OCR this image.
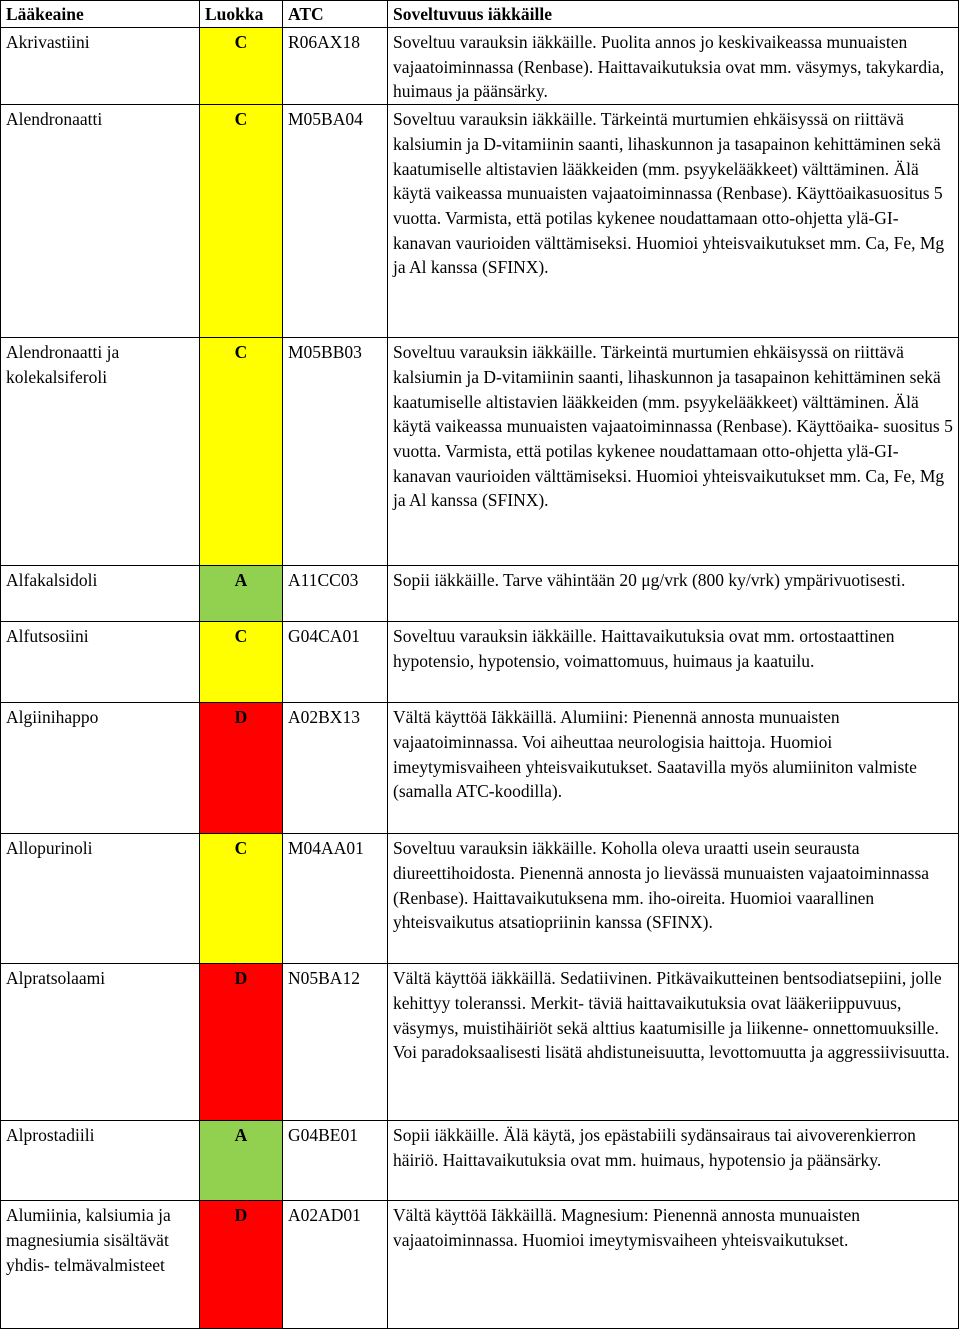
Lääkeaine	Luokka	ATC	Soveltuvuus iäkkäille
Akrivastiini	C	R06AX18	Soveltuu varauksin iäkkäille. Puolita annos jo keskivaikeassa munuaisten vajaatoiminnassa (Renbase). Haittavaikutuksia ovat mm. väsymys, takykardia, huimaus ja päänsärky.
Alendronaatti	C	M05BA04	Soveltuu varauksin iäkkäille. Tärkeintä murtumien ehkäisyssä on riittävä kalsiumin ja D-vitamiinin saanti, lihaskunnon ja tasapainon kehittäminen sekä kaatumiselle altistavien lääkkeiden (mm. psyykelääkkeet) välttäminen. Älä käytä vaikeassa munuaisten vajaatoiminnassa (Renbase). Käyttöaikasuositus 5 vuotta. Varmista, että potilas kykenee noudattamaan otto-ohjetta ylä-GI-kanavan vaurioiden välttämiseksi. Huomioi yhteisvaikutukset mm. Ca, Fe, Mg ja Al kanssa (SFINX).
Alendronaatti ja kolekalsiferoli	C	M05BB03	Soveltuu varauksin iäkkäille. Tärkeintä murtumien ehkäisyssä on riittävä kalsiumin ja D-vitamiinin saanti, lihaskunnon ja tasapainon kehittäminen sekä kaatumiselle altistavien lääkkeiden (mm. psyykelääkkeet) välttäminen. Älä käytä vaikeassa munuaisten vajaatoiminnassa (Renbase). Käyttöaika- suositus 5 vuotta. Varmista, että potilas kykenee noudattamaan otto-ohjetta ylä-GI-kanavan vaurioiden välttämiseksi. Huomioi yhteisvaikutukset mm. Ca, Fe, Mg ja Al kanssa (SFINX).
Alfakalsidoli	A	A11CC03	Sopii iäkkäille. Tarve vähintään 20 μg/vrk (800 ky/vrk) ympärivuotisesti.
Alfutsosiini	C	G04CA01	Soveltuu varauksin iäkkäille. Haittavaikutuksia ovat mm. ortostaattinen hypotensio, hypotensio, voimattomuus, huimaus ja kaatuilu.
Algiinihappo	D	A02BX13	Vältä käyttöä Iäkkäillä. Alumiini: Pienennä annosta munuaisten vajaatoiminnassa. Voi aiheuttaa neurologisia haittoja. Huomioi imeytymisvaiheen yhteisvaikutukset. Saatavilla myös alumiiniton valmiste (samalla ATC-koodilla).
Allopurinoli	C	M04AA01	Soveltuu varauksin iäkkäille. Koholla oleva uraatti usein seurausta diureettihoidosta. Pienennä annosta jo lievässä munuaisten vajaatoiminnassa (Renbase). Haittavaikutuksena mm. iho-oireita. Huomioi vaarallinen yhteisvaikutus atsatiopriinin kanssa (SFINX).
Alpratsolaami	D	N05BA12	Vältä käyttöä iäkkäillä. Sedatiivinen. Pitkävaikutteinen bentsodiatsepiini, jolle kehittyy toleranssi. Merkit- täviä haittavaikutuksia ovat lääkeriippuvuus, väsymys, muistihäiriöt sekä alttius kaatumisille ja liikenne- onnettomuuksille. Voi paradoksaalisesti lisätä ahdistuneisuutta, levottomuutta ja aggressiivisuutta.
Alprostadiili	A	G04BE01	Sopii iäkkäille. Älä käytä, jos epästabiili sydänsairaus tai aivoverenkierron häiriö. Haittavaikutuksia ovat mm. huimaus, hypotensio ja päänsärky.
Alumiinia, kalsiumia ja magnesiumia sisältävät yhdis- telmävalmisteet	D	A02AD01	Vältä käyttöä Iäkkäillä. Magnesium: Pienennä annosta munuaisten vajaatoiminnassa. Huomioi imeytymisvaiheen yhteisvaikutukset.
